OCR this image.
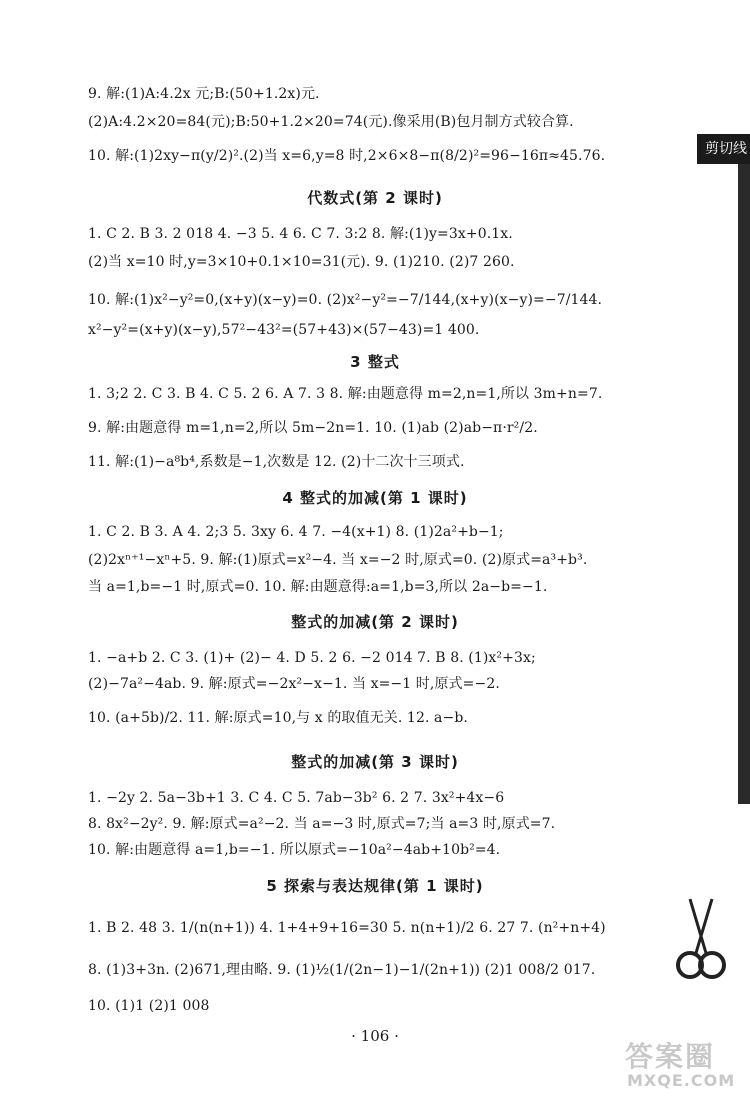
剪切线
9. 解:(1)A:4.2x 元;B:(50+1.2x)元.
(2)A:4.2×20=84(元);B:50+1.2×20=74(元).像采用(B)包月制方式较合算.
10. 解:(1)2xy−π(y/2)².(2)当 x=6,y=8 时,2×6×8−π(8/2)²=96−16π≈45.76.
代数式(第 2 课时)
1. C 2. B 3. 2 018 4. −3 5. 4 6. C 7. 3:2 8. 解:(1)y=3x+0.1x.
(2)当 x=10 时,y=3×10+0.1×10=31(元). 9. (1)210. (2)7 260.
10. 解:(1)x²−y²=0,(x+y)(x−y)=0. (2)x²−y²=−7/144,(x+y)(x−y)=−7/144.
x²−y²=(x+y)(x−y),57²−43²=(57+43)×(57−43)=1 400.
3 整式
1. 3;2 2. C 3. B 4. C 5. 2 6. A 7. 3 8. 解:由题意得 m=2,n=1,所以 3m+n=7.
9. 解:由题意得 m=1,n=2,所以 5m−2n=1. 10. (1)ab (2)ab−π·r²/2.
11. 解:(1)−a⁸b⁴,系数是−1,次数是 12. (2)十二次十三项式.
4 整式的加减(第 1 课时)
1. C 2. B 3. A 4. 2;3 5. 3xy 6. 4 7. −4(x+1) 8. (1)2a²+b−1;
(2)2xⁿ⁺¹−xⁿ+5. 9. 解:(1)原式=x²−4. 当 x=−2 时,原式=0. (2)原式=a³+b³.
当 a=1,b=−1 时,原式=0. 10. 解:由题意得:a=1,b=3,所以 2a−b=−1.
整式的加减(第 2 课时)
1. −a+b 2. C 3. (1)+ (2)− 4. D 5. 2 6. −2 014 7. B 8. (1)x²+3x;
(2)−7a²−4ab. 9. 解:原式=−2x²−x−1. 当 x=−1 时,原式=−2.
10. (a+5b)/2. 11. 解:原式=10,与 x 的取值无关. 12. a−b.
整式的加减(第 3 课时)
1. −2y 2. 5a−3b+1 3. C 4. C 5. 7ab−3b² 6. 2 7. 3x²+4x−6
8. 8x²−2y². 9. 解:原式=a²−2. 当 a=−3 时,原式=7;当 a=3 时,原式=7.
10. 解:由题意得 a=1,b=−1. 所以原式=−10a²−4ab+10b²=4.
5 探索与表达规律(第 1 课时)
1. B 2. 48 3. 1/(n(n+1)) 4. 1+4+9+16=30 5. n(n+1)/2 6. 27 7. (n²+n+4)
8. (1)3+3n. (2)671,理由略. 9. (1)½(1/(2n−1)−1/(2n+1)) (2)1 008/2 017.
10. (1)1 (2)1 008
· 106 ·
答案圈
MXQE.COM
